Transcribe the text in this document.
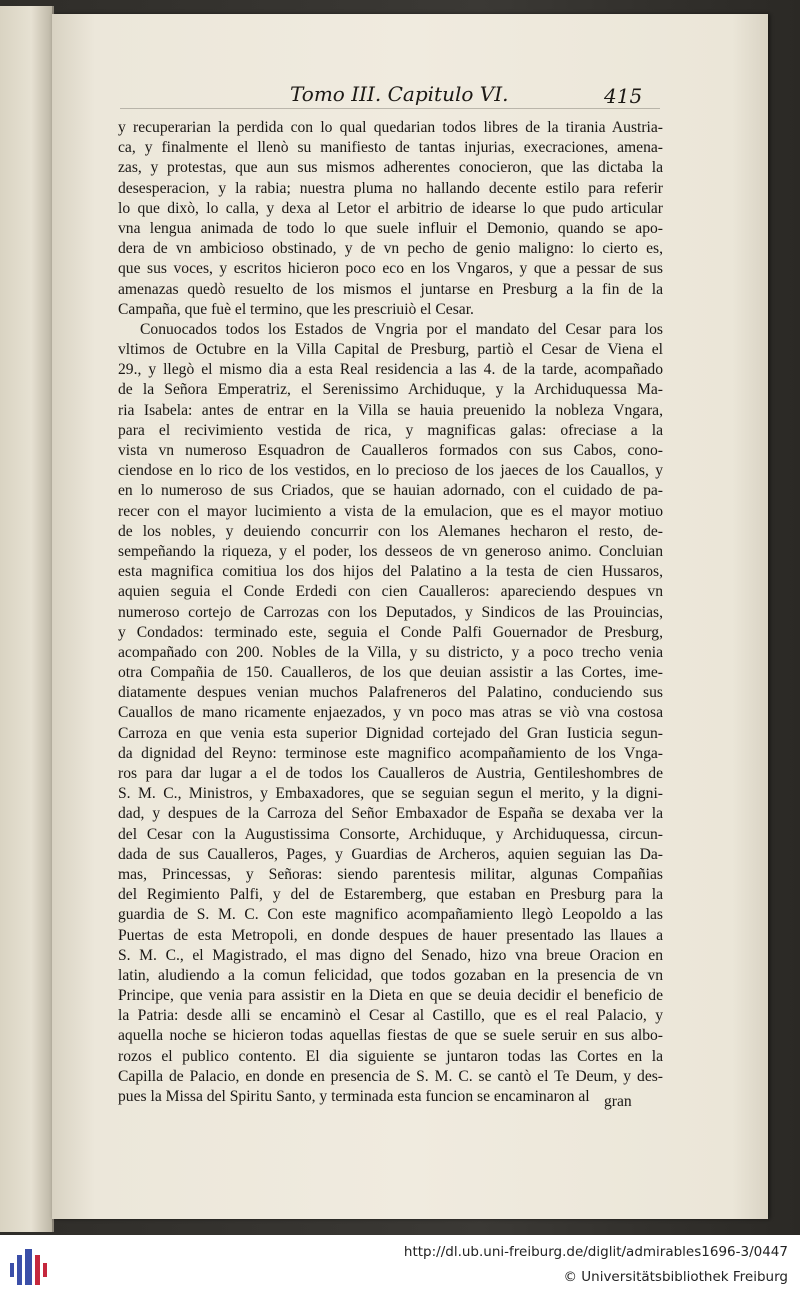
Tomo III. Capitulo VI.	415
y recuperarian la perdida con lo qual quedarian todos libres de la tirania Austria-
ca, y finalmente el llenò su manifiesto de tantas injurias, execraciones, amena-
zas, y protestas, que aun sus mismos adherentes conocieron, que las dictaba la
desesperacion, y la rabia; nuestra pluma no hallando decente estilo para referir
lo que dixò, lo calla, y dexa al Letor el arbitrio de idearse lo que pudo articular
vna lengua animada de todo lo que suele influir el Demonio, quando se apo-
dera de vn ambicioso obstinado, y de vn pecho de genio maligno: lo cierto es,
que sus voces, y escritos hicieron poco eco en los Vngaros, y que a pessar de sus
amenazas quedò resuelto de los mismos el juntarse en Presburg a la fin de la
Campaña, que fuè el termino, que les prescriuiò el Cesar.
Conuocados todos los Estados de Vngria por el mandato del Cesar para los
vltimos de Octubre en la Villa Capital de Presburg, partiò el Cesar de Viena el
29., y llegò el mismo dia a esta Real residencia a las 4. de la tarde, acompañado
de la Señora Emperatriz, el Serenissimo Archiduque, y la Archiduquessa Ma-
ria Isabela: antes de entrar en la Villa se hauia preuenido la nobleza Vngara,
para el recivimiento vestida de rica, y magnificas galas: ofreciase a la
vista vn numeroso Esquadron de Caualleros formados con sus Cabos, cono-
ciendose en lo rico de los vestidos, en lo precioso de los jaeces de los Cauallos, y
en lo numeroso de sus Criados, que se hauian adornado, con el cuidado de pa-
recer con el mayor lucimiento a vista de la emulacion, que es el mayor motiuo
de los nobles, y deuiendo concurrir con los Alemanes hecharon el resto, de-
sempeñando la riqueza, y el poder, los desseos de vn generoso animo. Concluian
esta magnifica comitiua los dos hijos del Palatino a la testa de cien Hussaros,
aquien seguia el Conde Erdedi con cien Caualleros: apareciendo despues vn
numeroso cortejo de Carrozas con los Deputados, y Sindicos de las Prouincias,
y Condados: terminado este, seguia el Conde Palfi Gouernador de Presburg,
acompañado con 200. Nobles de la Villa, y su districto, y a poco trecho venia
otra Compañia de 150. Caualleros, de los que deuian assistir a las Cortes, ime-
diatamente despues venian muchos Palafreneros del Palatino, conduciendo sus
Cauallos de mano ricamente enjaezados, y vn poco mas atras se viò vna costosa
Carroza en que venia esta superior Dignidad cortejado del Gran Iusticia segun-
da dignidad del Reyno: terminose este magnifico acompañamiento de los Vnga-
ros para dar lugar a el de todos los Caualleros de Austria, Gentileshombres de
S. M. C., Ministros, y Embaxadores, que se seguian segun el merito, y la digni-
dad, y despues de la Carroza del Señor Embaxador de España se dexaba ver la
del Cesar con la Augustissima Consorte, Archiduque, y Archiduquessa, circun-
dada de sus Caualleros, Pages, y Guardias de Archeros, aquien seguian las Da-
mas, Princessas, y Señoras: siendo parentesis militar, algunas Compañias
del Regimiento Palfi, y del de Estaremberg, que estaban en Presburg para la
guardia de S. M. C. Con este magnifico acompañamiento llegò Leopoldo a las
Puertas de esta Metropoli, en donde despues de hauer presentado las llaues a
S. M. C., el Magistrado, el mas digno del Senado, hizo vna breue Oracion en
latin, aludiendo a la comun felicidad, que todos gozaban en la presencia de vn
Principe, que venia para assistir en la Dieta en que se deuia decidir el beneficio de
la Patria: desde alli se encaminò el Cesar al Castillo, que es el real Palacio, y
aquella noche se hicieron todas aquellas fiestas de que se suele seruir en sus albo-
rozos el publico contento. El dia siguiente se juntaron todas las Cortes en la
Capilla de Palacio, en donde en presencia de S. M. C. se cantò el Te Deum, y des-
pues la Missa del Spiritu Santo, y terminada esta funcion se encaminaron al gran
http://dl.ub.uni-freiburg.de/diglit/admirables1696-3/0447
© Universitätsbibliothek Freiburg
